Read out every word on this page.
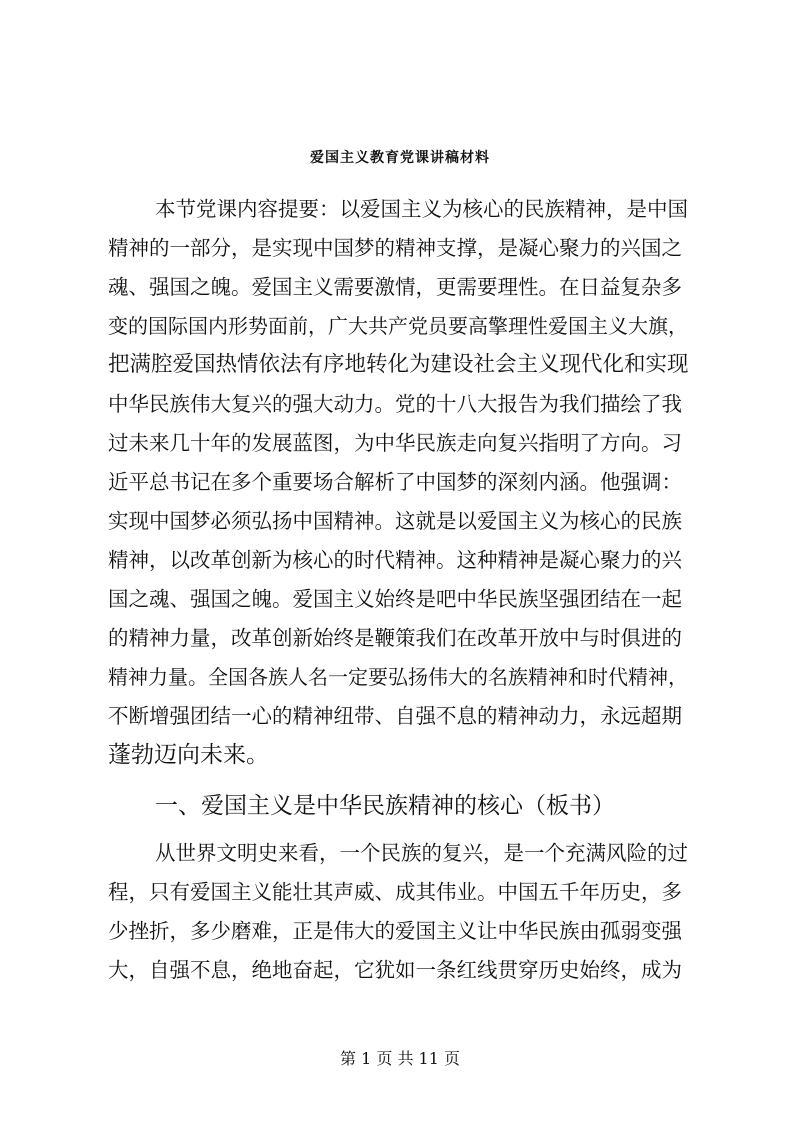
爱国主义教育党课讲稿材料
本节党课内容提要：以爱国主义为核心的民族精神，是中国
精神的一部分，是实现中国梦的精神支撑，是凝心聚力的兴国之
魂、强国之魄。爱国主义需要激情，更需要理性。在日益复杂多
变的国际国内形势面前，广大共产党员要高擎理性爱国主义大旗，
把满腔爱国热情依法有序地转化为建设社会主义现代化和实现
中华民族伟大复兴的强大动力。党的十八大报告为我们描绘了我
过未来几十年的发展蓝图，为中华民族走向复兴指明了方向。习
近平总书记在多个重要场合解析了中国梦的深刻内涵。他强调：
实现中国梦必须弘扬中国精神。这就是以爱国主义为核心的民族
精神，以改革创新为核心的时代精神。这种精神是凝心聚力的兴
国之魂、强国之魄。爱国主义始终是吧中华民族坚强团结在一起
的精神力量，改革创新始终是鞭策我们在改革开放中与时俱进的
精神力量。全国各族人名一定要弘扬伟大的名族精神和时代精神，
不断增强团结一心的精神纽带、自强不息的精神动力，永远超期
蓬勃迈向未来。
一、爱国主义是中华民族精神的核心（板书）
从世界文明史来看，一个民族的复兴，是一个充满风险的过
程，只有爱国主义能壮其声威、成其伟业。中国五千年历史，多
少挫折，多少磨难，正是伟大的爱国主义让中华民族由孤弱变强
大，自强不息，绝地奋起，它犹如一条红线贯穿历史始终，成为
第 1 页 共 11 页
